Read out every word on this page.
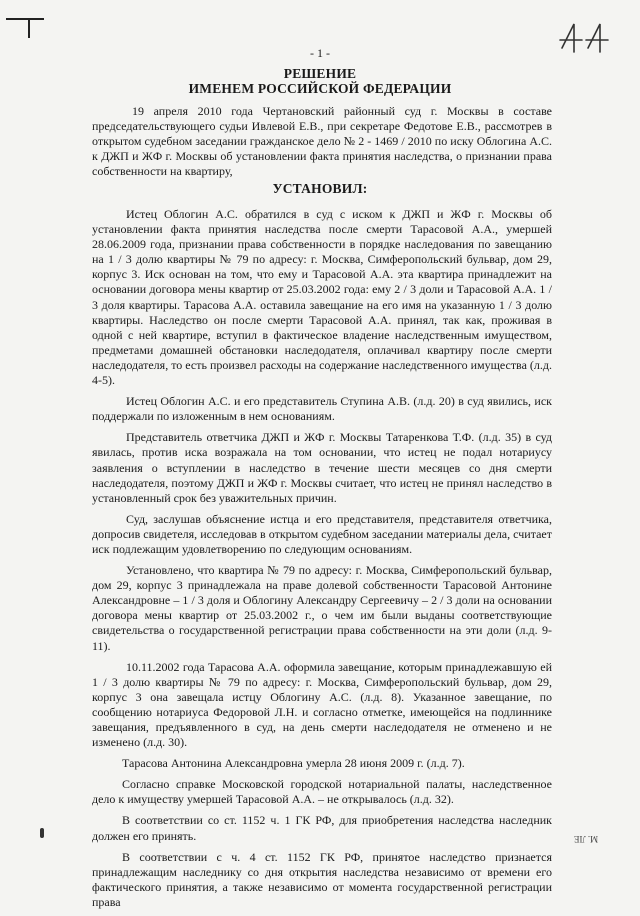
- 1 -
РЕШЕНИЕ
ИМЕНЕМ РОССИЙСКОЙ ФЕДЕРАЦИИ

19 апреля 2010 года Чертановский районный суд г. Москвы в составе председательствующего судьи Ивлевой Е.В., при секретаре Федотове Е.В., рассмотрев в открытом судебном заседании гражданское дело № 2 - 1469 / 2010 по иску Облогина А.С. к ДЖП и ЖФ г. Москвы об установлении факта принятия наследства, о признании права собственности на квартиру,

УСТАНОВИЛ:

Истец Облогин А.С. обратился в суд с иском к ДЖП и ЖФ г. Москвы об установлении факта принятия наследства после смерти Тарасовой А.А., умершей 28.06.2009 года, признании права собственности в порядке наследования по завещанию на 1 / 3 долю квартиры № 79 по адресу: г. Москва, Симферопольский бульвар, дом 29, корпус 3. Иск основан на том, что ему и Тарасовой А.А. эта квартира принадлежит на основании договора мены квартир от 25.03.2002 года: ему 2 / 3 доли и Тарасовой А.А. 1 / 3 доля квартиры. Тарасова А.А. оставила завещание на его имя на указанную 1 / 3 долю квартиры. Наследство он после смерти Тарасовой А.А. принял, так как, проживая в одной с ней квартире, вступил в фактическое владение наследственным имуществом, предметами домашней обстановки наследодателя, оплачивал квартиру после смерти наследодателя, то есть произвел расходы на содержание наследственного имущества (л.д. 4-5).

Истец Облогин А.С. и его представитель Ступина А.В. (л.д. 20) в суд явились, иск поддержали по изложенным в нем основаниям.

Представитель ответчика ДЖП и ЖФ г. Москвы Татаренкова Т.Ф. (л.д. 35) в суд явилась, против иска возражала на том основании, что истец не подал нотариусу заявления о вступлении в наследство в течение шести месяцев со дня смерти наследодателя, поэтому ДЖП и ЖФ г. Москвы считает, что истец не принял наследство в установленный срок без уважительных причин.

Суд, заслушав объяснение истца и его представителя, представителя ответчика, допросив свидетеля, исследовав в открытом судебном заседании материалы дела, считает иск подлежащим удовлетворению по следующим основаниям.

Установлено, что квартира № 79 по адресу: г. Москва, Симферопольский бульвар, дом 29, корпус 3 принадлежала на праве долевой собственности Тарасовой Антонине Александровне – 1 / 3 доля и Облогину Александру Сергеевичу – 2 / 3 доли на основании договора мены квартир от 25.03.2002 г., о чем им были выданы соответствующие свидетельства о государственной регистрации права собственности на эти доли (л.д. 9-11).

10.11.2002 года Тарасова А.А. оформила завещание, которым принадлежавшую ей 1 / 3 долю квартиры № 79 по адресу: г. Москва, Симферопольский бульвар, дом 29, корпус 3 она завещала истцу Облогину А.С. (л.д. 8). Указанное завещание, по сообщению нотариуса Федоровой Л.Н. и согласно отметке, имеющейся на подлиннике завещания, предъявленного в суд, на день смерти наследодателя не отменено и не изменено (л.д. 30).

Тарасова Антонина Александровна умерла 28 июня 2009 г. (л.д. 7).

Согласно справке Московской городской нотариальной палаты, наследственное дело к имуществу умершей Тарасовой А.А. – не открывалось (л.д. 32).

В соответствии со ст. 1152 ч. 1 ГК РФ, для приобретения наследства наследник должен его принять.

В соответствии с ч. 4 ст. 1152 ГК РФ, принятое наследство признается принадлежащим наследнику со дня открытия наследства независимо от времени его фактического принятия, а также независимо от момента государственной регистрации права

M. ЛЕ
